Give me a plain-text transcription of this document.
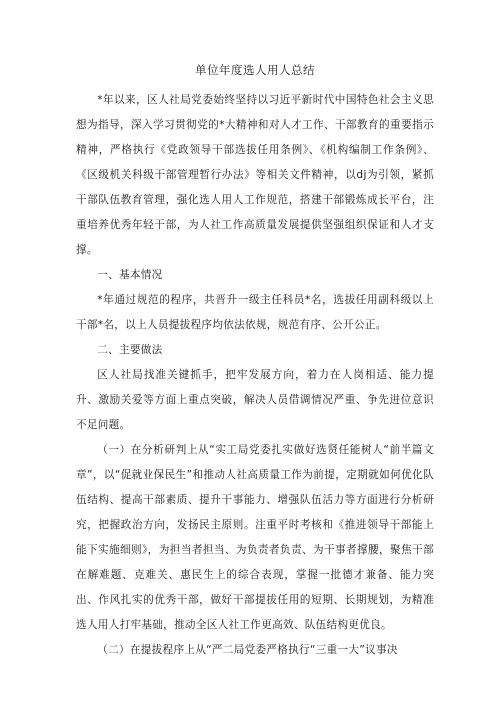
单位年度选人用人总结

*年以来，区人社局党委始终坚持以习近平新时代中国特色社会主义思想为指导，深入学习贯彻党的*大精神和对人才工作、干部教育的重要指示精神，严格执行《党政领导干部选拔任用条例》、《机构编制工作条例》、《区级机关科级干部管理暂行办法》等相关文件精神，以dj为引领，紧抓干部队伍教育管理，强化选人用人工作规范，搭建干部锻炼成长平台，注重培养优秀年轻干部，为人社工作高质量发展提供坚强组织保证和人才支撑。

一、基本情况

*年通过规范的程序，共晋升一级主任科员*名，选拔任用副科级以上干部*名，以上人员提拔程序均依法依规，规范有序、公开公正。

二、主要做法

区人社局找准关键抓手，把牢发展方向，着力在人岗相适、能力提升、激励关爱等方面上重点突破，解决人员借调情况严重、争先进位意识不足问题。

（一）在分析研判上从“实工局党委扎实做好选贤任能树人“前半篇文章”，以“促就业保民生”和推动人社高质量工作为前提，定期就如何优化队伍结构、提高干部素质、提升干事能力、增强队伍活力等方面进行分析研究，把握政治方向，发扬民主原则。注重平时考核和《推进领导干部能上能下实施细则》，为担当者担当、为负责者负责、为干事者撑腰，聚焦干部在解难题、克难关、惠民生上的综合表现，掌握一批德才兼备、能力突出、作风扎实的优秀干部，做好干部提拔任用的短期、长期规划，为精准选人用人打牢基础，推动全区人社工作更高效、队伍结构更优良。

（二）在提拔程序上从“严二局党委严格执行“三重一大”议事决
